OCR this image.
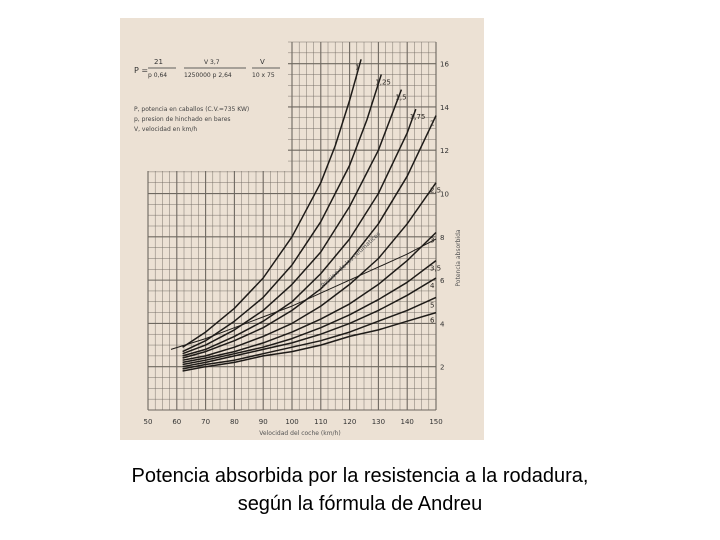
50	60	70	80	90	100 110 120 130 140 150
2
4
6
8
10
12
14
16
1
1,25
1,5
1,75
2
2,5
3
3,5
4
5
6
P =
21
p 0,64
V 3,7
1250000 p 2,64
V
10 x 75
P, potencia en caballos (C.V.=735 KW)
p, presion de hinchado en bares
V, velocidad en km/h
Velocidad del coche (km/h)
Potencia absorbida
Presion de los neumaticos
Potencia absorbida por la resistencia a la rodadura,
según la fórmula de Andreu
